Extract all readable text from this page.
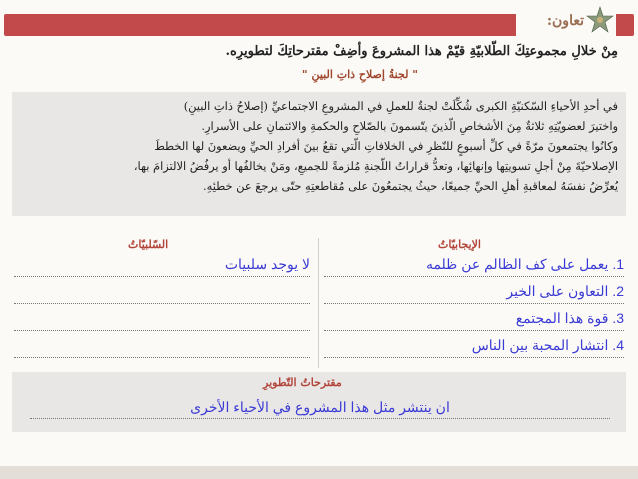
تعاون:
مِنْ خلالِ مجموعتِكَ الطّلابيّةِ قيّمْ هذا المشروعَ وأضِفْ مقترحاتِكَ لتطويرِه.
" لجنةُ إصلاحِ ذاتِ البينِ "

في أحدِ الأحياءِ السّكنيّةِ الكبرى شُكِّلَتْ لجنةٌ للعملِ في المشروعِ الاجتماعيِّ (إصلاحُ ذاتِ البينِ)

واختيرَ لعضويّتِهِ ثلاثةٌ مِنَ الأشخاصِ الّذينَ يتّسمونَ بالصّلاحِ والحكمةِ والائتمانِ على الأسرارِ.

وكانُوا يجتمعونَ مرّةً في كلِّ أسبوعٍ للنّظرِ في الخلافاتِ الّتي تقعُ بينَ أفرادِ الحيِّ ويضعونَ لها الخططَ

الإصلاحيّةَ مِنْ أجلِ تسويتِها وإنهائِها، وتعدُّ قراراتُ اللّجنةِ مُلزمةً للجميعِ، ومَنْ يخالفُها أو يرفُضُ الالتزامَ بها،

يُعرِّضُ نفسَهُ لمعاقبةِ أهلِ الحيِّ جميعًا، حيثُ يجتمعُونَ على مُقاطعتِهِ حتّى يرجعَ عن خطئِهِ.

الإيجابيّاتُ
السّلبيّاتُ
1. يعمل على كف الظالم عن ظلمه
2. التعاون على الخير
3. قوة هذا المجتمع
4. انتشار المحبة بين الناس
لا يوجد سلبيات
مقترحاتُ التّطويرِ
ان ينتشر مثل هذا المشروع في الأحياء الأخرى
